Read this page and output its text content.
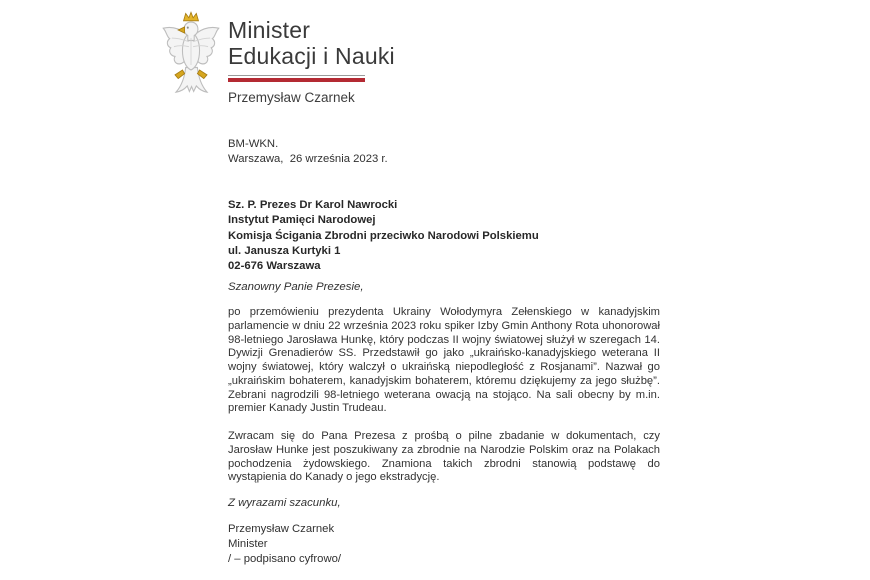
Minister
Edukacji i Nauki
Przemysław Czarnek
BM-WKN.
Warszawa,  26 września 2023 r.
Sz. P. Prezes Dr Karol Nawrocki
Instytut Pamięci Narodowej
Komisja Ścigania Zbrodni przeciwko Narodowi Polskiemu
ul. Janusza Kurtyki 1
02-676 Warszawa
Szanowny Panie Prezesie,
po przemówieniu prezydenta Ukrainy Wołodymyra Zełenskiego w kanadyjskim parlamencie w dniu 22 września 2023 roku spiker Izby Gmin Anthony Rota uhonorował 98-letniego Jarosława Hunkę, który podczas II wojny światowej służył w szeregach 14. Dywizji Grenadierów SS. Przedstawił go jako „ukraińsko-kanadyjskiego weterana II wojny światowej, który walczył o ukraińską niepodległość z Rosjanami”. Nazwał go „ukraińskim bohaterem, kanadyjskim bohaterem, któremu dziękujemy za jego służbę”. Zebrani nagrodzili 98-letniego weterana owacją na stojąco. Na sali obecny by m.in. premier Kanady Justin Trudeau.
Zwracam się do Pana Prezesa z prośbą o pilne zbadanie w dokumentach, czy Jarosław Hunke jest poszukiwany za zbrodnie na Narodzie Polskim oraz na Polakach pochodzenia żydowskiego. Znamiona takich zbrodni stanowią podstawę do wystąpienia do Kanady o jego ekstradycję.
Z wyrazami szacunku,
Przemysław Czarnek
Minister
/ – podpisano cyfrowo/
